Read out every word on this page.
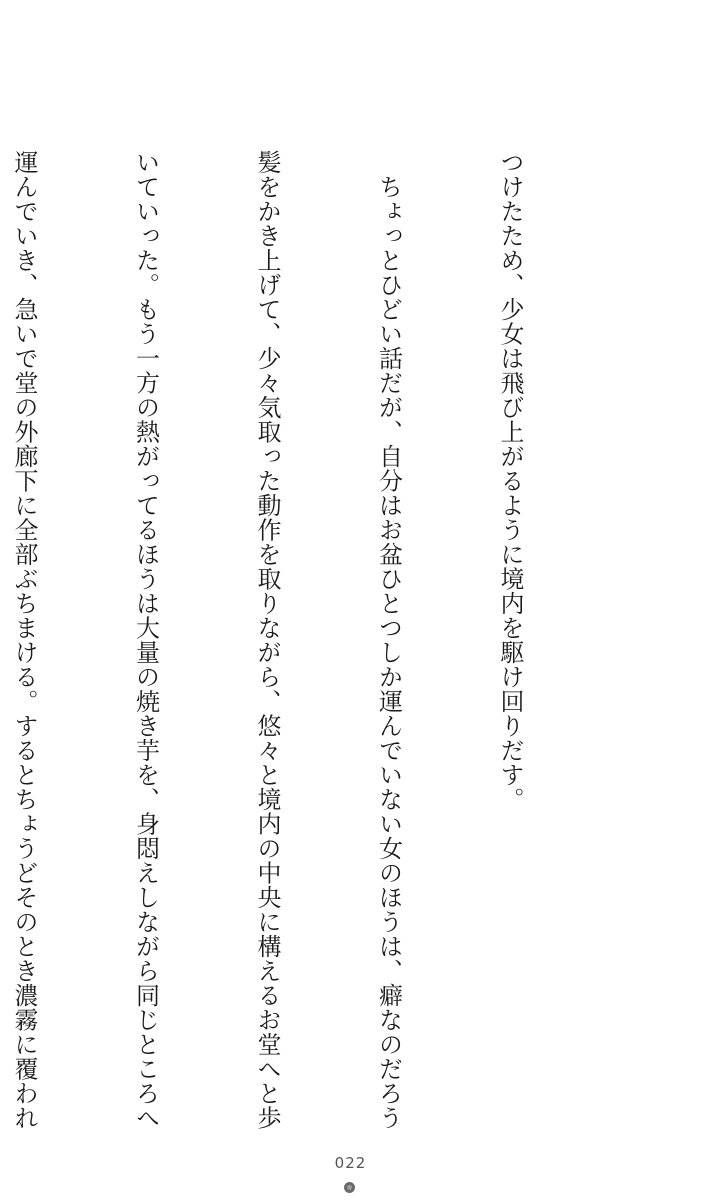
つけたため、少女は飛び上がるように境内を駆け回りだす。

　ちょっとひどい話だが、自分はお盆ひとつしか運んでいない女のほうは、癖なのだろう

髪をかき上げて、少々気取った動作を取りながら、悠々と境内の中央に構えるお堂へと歩

いていった。もう一方の熱がってるほうは大量の焼き芋を、身悶えしながら同じところへ

運んでいき、急いで堂の外廊下に全部ぶちまける。するとちょうどそのとき濃霧に覆われ

022
